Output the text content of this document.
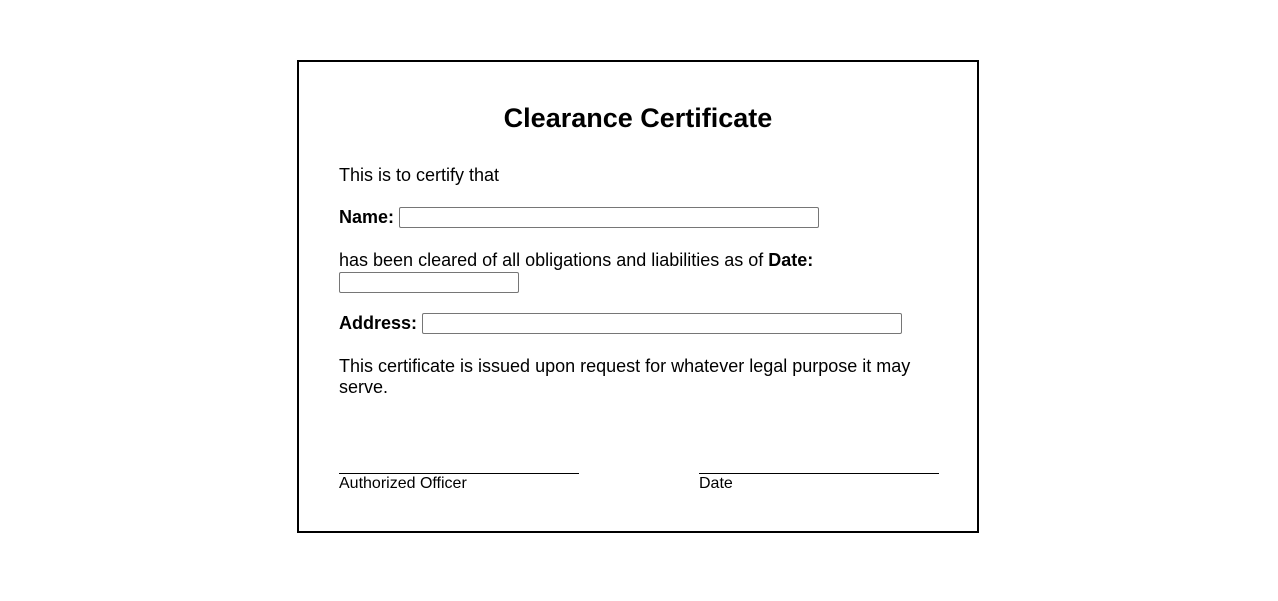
Clearance Certificate

This is to certify that

Name:
has been cleared of all obligations and liabilities as of Date:
Address:

This certificate is issued upon request for whatever legal purpose it may serve.

Authorized Officer	Date
